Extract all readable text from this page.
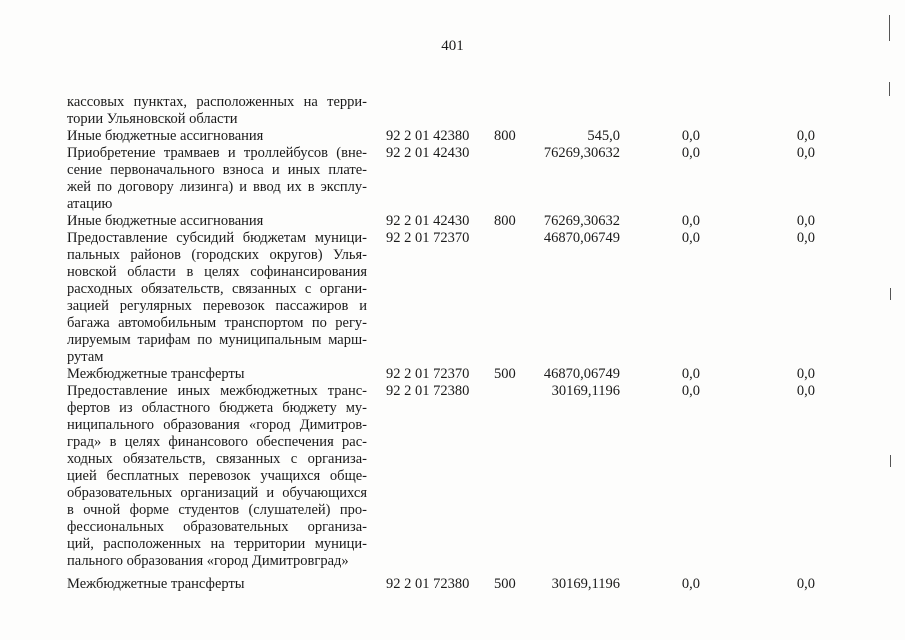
401
кассовых пунктах, расположенных на терри-
тории Ульяновской области
Иные бюджетные ассигнования	92 2 01 42380 800	545,0	0,0	0,0
Приобретение трамваев и троллейбусов (вне-
сение первоначального взноса и иных плате-
жей по договору лизинга) и ввод их в эксплу-
атацию
92 2 01 42430	76269,30632	0,0	0,0
Иные бюджетные ассигнования	92 2 01 42430 800	76269,30632	0,0	0,0
Предоставление субсидий бюджетам муници-
пальных районов (городских округов) Улья-
новской области в целях софинансирования
расходных обязательств, связанных с органи-
зацией регулярных перевозок пассажиров и
багажа автомобильным транспортом по регу-
лируемым тарифам по муниципальным марш-
рутам
92 2 01 72370	46870,06749	0,0	0,0
Межбюджетные трансферты	92 2 01 72370 500	46870,06749	0,0	0,0
Предоставление иных межбюджетных транс-
фертов из областного бюджета бюджету му-
ниципального образования «город Димитров-
град» в целях финансового обеспечения рас-
ходных обязательств, связанных с организа-
цией бесплатных перевозок учащихся обще-
образовательных организаций и обучающихся
в очной форме студентов (слушателей) про-
фессиональных образовательных организа-
ций, расположенных на территории муници-
пального образования «город Димитровград»
92 2 01 72380	30169,1196	0,0	0,0
Межбюджетные трансферты	92 2 01 72380 500	30169,1196	0,0	0,0
